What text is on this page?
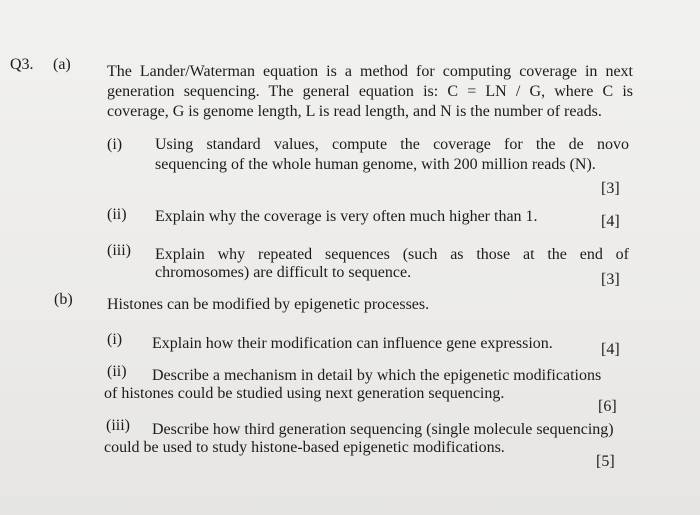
Q3. (a) The Lander/Waterman equation is a method for computing coverage in next
generation sequencing. The general equation is: C = LN / G, where C is
coverage, G is genome length, L is read length, and N is the number of reads.
(i) Using standard values, compute the coverage for the de novo
sequencing of the whole human genome, with 200 million reads (N).
[3]
(ii) Explain why the coverage is very often much higher than 1.	[4]
(iii) Explain why repeated sequences (such as those at the end of
chromosomes) are difficult to sequence.	[3]
(b) Histones can be modified by epigenetic processes.
(i) Explain how their modification can influence gene expression.	[4]
(ii) Describe a mechanism in detail by which the epigenetic modifications
of histones could be studied using next generation sequencing.
[6]
(iii) Describe how third generation sequencing (single molecule sequencing)
could be used to study histone-based epigenetic modifications.
[5]
